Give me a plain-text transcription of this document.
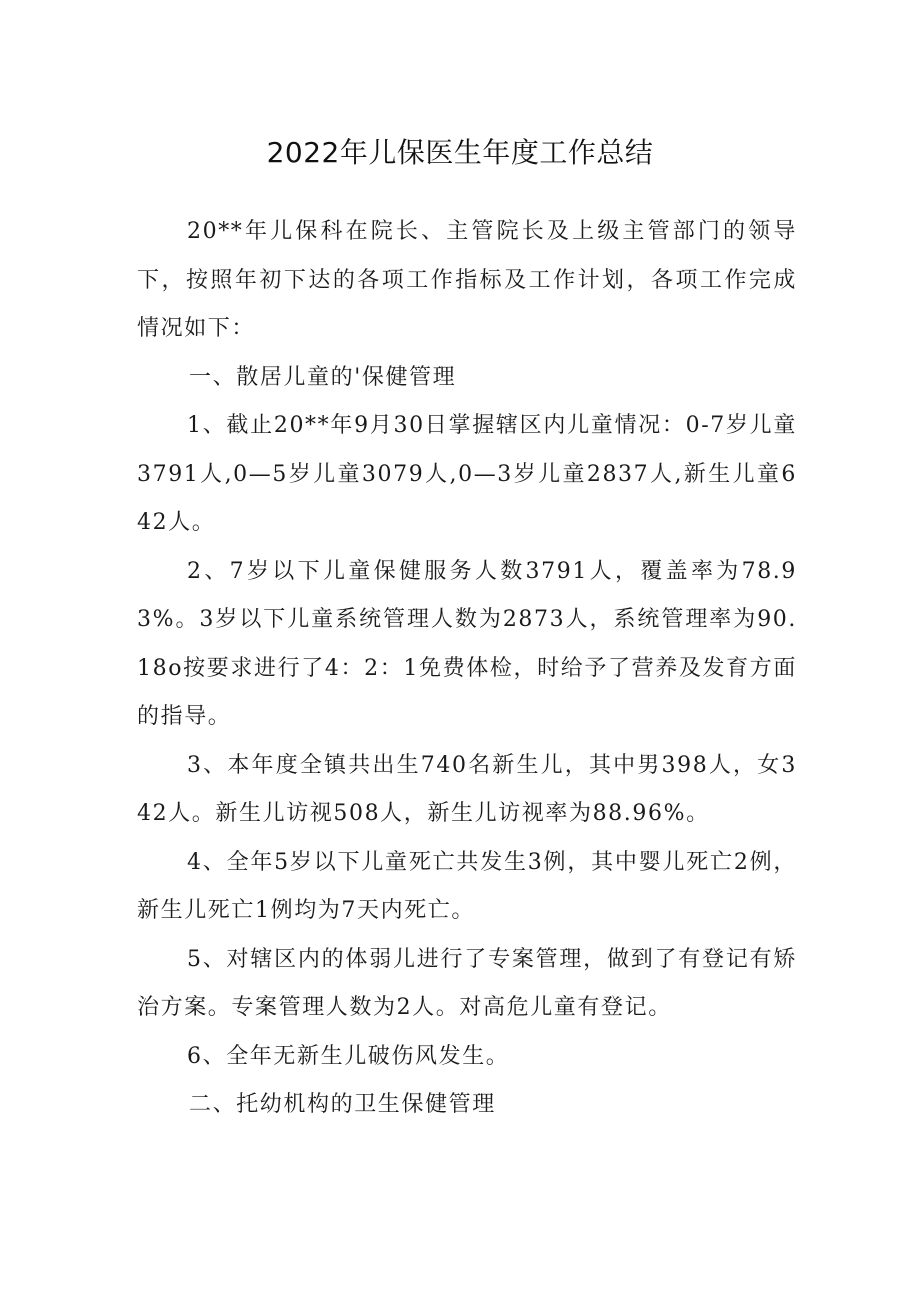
2022年儿保医生年度工作总结

20**年儿保科在院长、主管院长及上级主管部门的领导下，按照年初下达的各项工作指标及工作计划，各项工作完成情况如下：

一、散居儿童的'保健管理

1、截止20**年9月30日掌握辖区内儿童情况：0-7岁儿童3791人,0—5岁儿童3079人,0—3岁儿童2837人,新生儿童642人。

2、7岁以下儿童保健服务人数3791人，覆盖率为78.93%。3岁以下儿童系统管理人数为2873人，系统管理率为90.18o按要求进行了4：2：1免费体检，时给予了营养及发育方面的指导。

3、本年度全镇共出生740名新生儿，其中男398人，女342人。新生儿访视508人，新生儿访视率为88.96%。

4、全年5岁以下儿童死亡共发生3例，其中婴儿死亡2例，新生儿死亡1例均为7天内死亡。

5、对辖区内的体弱儿进行了专案管理，做到了有登记有矫治方案。专案管理人数为2人。对高危儿童有登记。

6、全年无新生儿破伤风发生。

二、托幼机构的卫生保健管理
